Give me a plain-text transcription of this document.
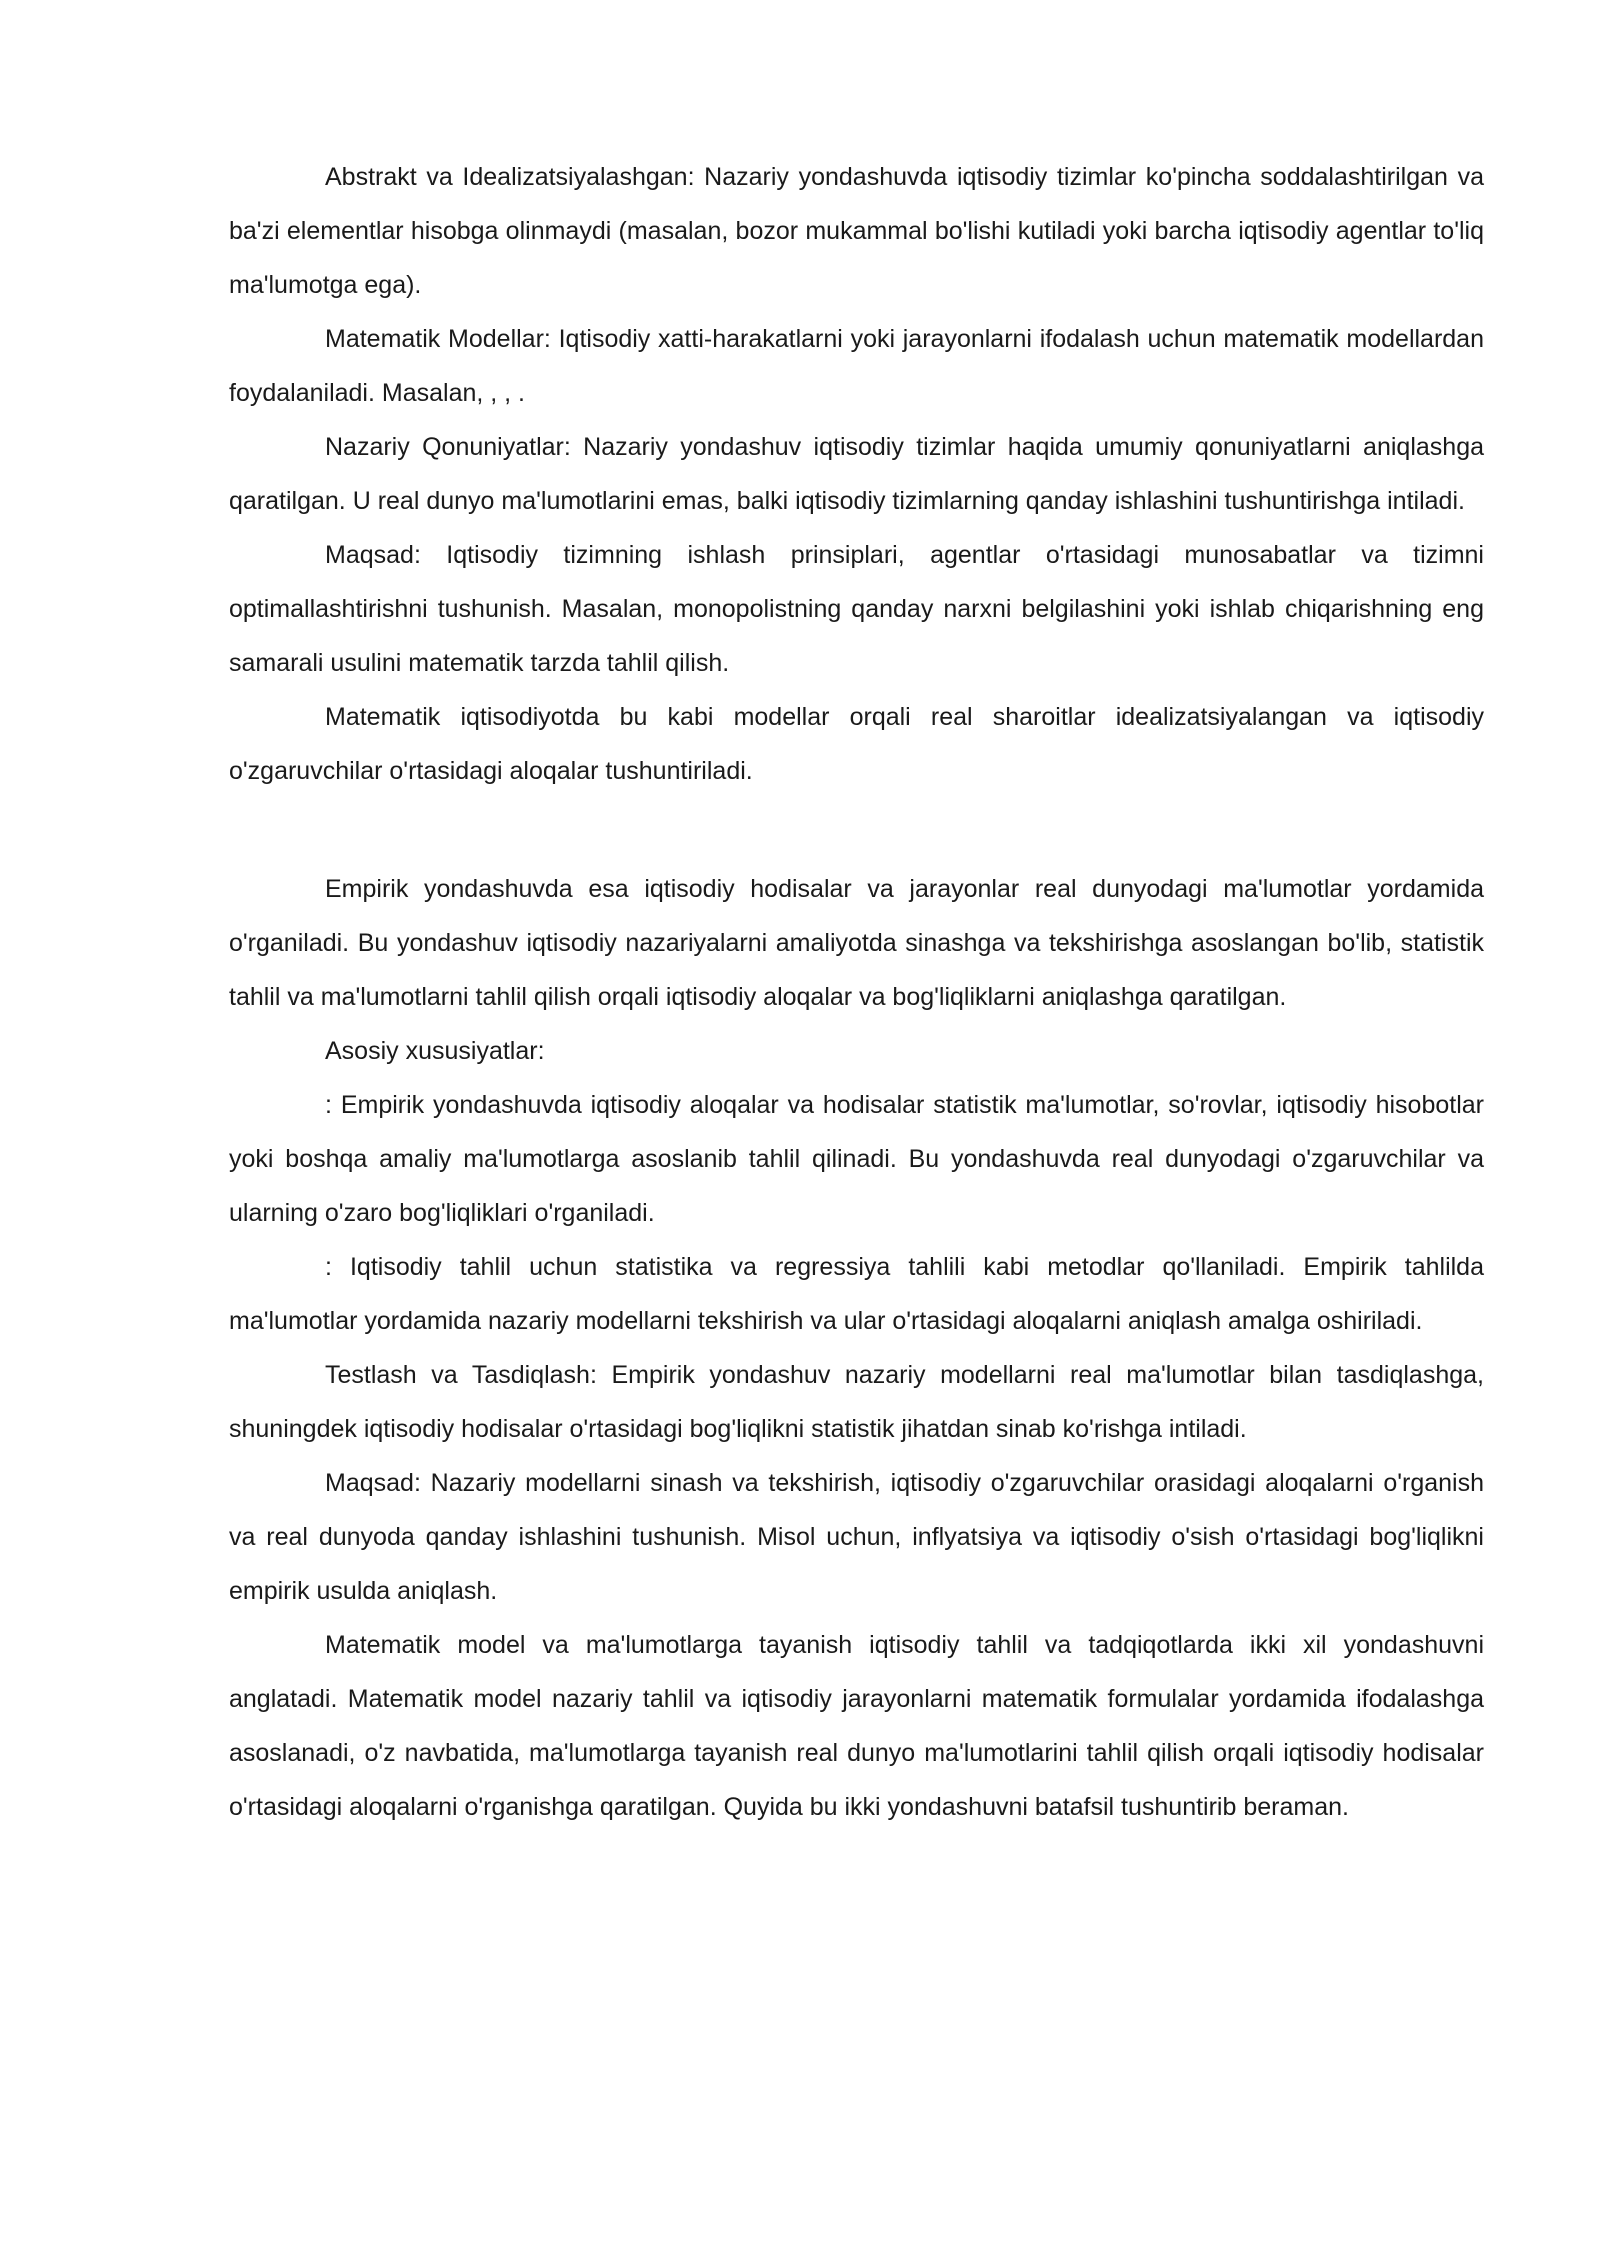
Abstrakt va Idealizatsiyalashgan: Nazariy yondashuvda iqtisodiy tizimlar ko'pincha soddalashtirilgan va ba'zi elementlar hisobga olinmaydi (masalan, bozor mukammal bo'lishi kutiladi yoki barcha iqtisodiy agentlar to'liq ma'lumotga ega).

Matematik Modellar: Iqtisodiy xatti-harakatlarni yoki jarayonlarni ifodalash uchun matematik modellardan foydalaniladi. Masalan, , , .

Nazariy Qonuniyatlar: Nazariy yondashuv iqtisodiy tizimlar haqida umumiy qonuniyatlarni aniqlashga qaratilgan. U real dunyo ma'lumotlarini emas, balki iqtisodiy tizimlarning qanday ishlashini tushuntirishga intiladi.

Maqsad: Iqtisodiy tizimning ishlash prinsiplari, agentlar o'rtasidagi munosabatlar va tizimni optimallashtirishni tushunish. Masalan, monopolistning qanday narxni belgilashini yoki ishlab chiqarishning eng samarali usulini matematik tarzda tahlil qilish.

Matematik iqtisodiyotda bu kabi modellar orqali real sharoitlar idealizatsiyalangan va iqtisodiy o'zgaruvchilar o'rtasidagi aloqalar tushuntiriladi.

Empirik yondashuvda esa iqtisodiy hodisalar va jarayonlar real dunyodagi ma'lumotlar yordamida o'rganiladi. Bu yondashuv iqtisodiy nazariyalarni amaliyotda sinashga va tekshirishga asoslangan bo'lib, statistik tahlil va ma'lumotlarni tahlil qilish orqali iqtisodiy aloqalar va bog'liqliklarni aniqlashga qaratilgan.

Asosiy xususiyatlar:

: Empirik yondashuvda iqtisodiy aloqalar va hodisalar statistik ma'lumotlar, so'rovlar, iqtisodiy hisobotlar yoki boshqa amaliy ma'lumotlarga asoslanib tahlil qilinadi. Bu yondashuvda real dunyodagi o'zgaruvchilar va ularning o'zaro bog'liqliklari o'rganiladi.

: Iqtisodiy tahlil uchun statistika va regressiya tahlili kabi metodlar qo'llaniladi. Empirik tahlilda ma'lumotlar yordamida nazariy modellarni tekshirish va ular o'rtasidagi aloqalarni aniqlash amalga oshiriladi.

Testlash va Tasdiqlash: Empirik yondashuv nazariy modellarni real ma'lumotlar bilan tasdiqlashga, shuningdek iqtisodiy hodisalar o'rtasidagi bog'liqlikni statistik jihatdan sinab ko'rishga intiladi.

Maqsad: Nazariy modellarni sinash va tekshirish, iqtisodiy o'zgaruvchilar orasidagi aloqalarni o'rganish va real dunyoda qanday ishlashini tushunish. Misol uchun, inflyatsiya va iqtisodiy o'sish o'rtasidagi bog'liqlikni empirik usulda aniqlash.

Matematik model va ma'lumotlarga tayanish iqtisodiy tahlil va tadqiqotlarda ikki xil yondashuvni anglatadi. Matematik model nazariy tahlil va iqtisodiy jarayonlarni matematik formulalar yordamida ifodalashga asoslanadi, o'z navbatida, ma'lumotlarga tayanish real dunyo ma'lumotlarini tahlil qilish orqali iqtisodiy hodisalar o'rtasidagi aloqalarni o'rganishga qaratilgan. Quyida bu ikki yondashuvni batafsil tushuntirib beraman.
